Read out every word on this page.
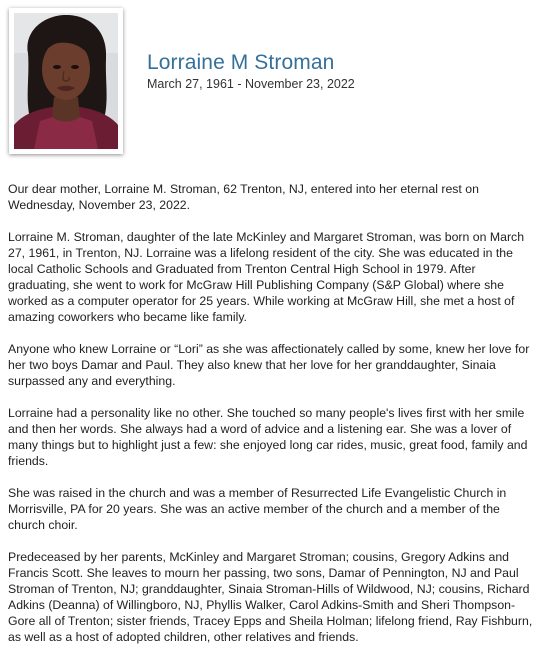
Lorraine M Stroman
March 27, 1961 - November 23, 2022

Our dear mother, Lorraine M. Stroman, 62 Trenton, NJ, entered into her eternal rest on Wednesday, November 23, 2022.

Lorraine M. Stroman, daughter of the late McKinley and Margaret Stroman, was born on March 27, 1961, in Trenton, NJ. Lorraine was a lifelong resident of the city. She was educated in the local Catholic Schools and Graduated from Trenton Central High School in 1979. After graduating, she went to work for McGraw Hill Publishing Company (S&P Global) where she worked as a computer operator for 25 years. While working at McGraw Hill, she met a host of amazing coworkers who became like family.

Anyone who knew Lorraine or “Lori” as she was affectionately called by some, knew her love for her two boys Damar and Paul. They also knew that her love for her granddaughter, Sinaia surpassed any and everything.

Lorraine had a personality like no other. She touched so many people's lives first with her smile and then her words. She always had a word of advice and a listening ear. She was a lover of many things but to highlight just a few: she enjoyed long car rides, music, great food, family and friends.

She was raised in the church and was a member of Resurrected Life Evangelistic Church in Morrisville, PA for 20 years. She was an active member of the church and a member of the church choir.

Predeceased by her parents, McKinley and Margaret Stroman; cousins, Gregory Adkins and Francis Scott. She leaves to mourn her passing, two sons, Damar of Pennington, NJ and Paul Stroman of Trenton, NJ; granddaughter, Sinaia Stroman-Hills of Wildwood, NJ; cousins, Richard Adkins (Deanna) of Willingboro, NJ, Phyllis Walker, Carol Adkins-Smith and Sheri Thompson-Gore all of Trenton; sister friends, Tracey Epps and Sheila Holman; lifelong friend, Ray Fishburn, as well as a host of adopted children, other relatives and friends.
